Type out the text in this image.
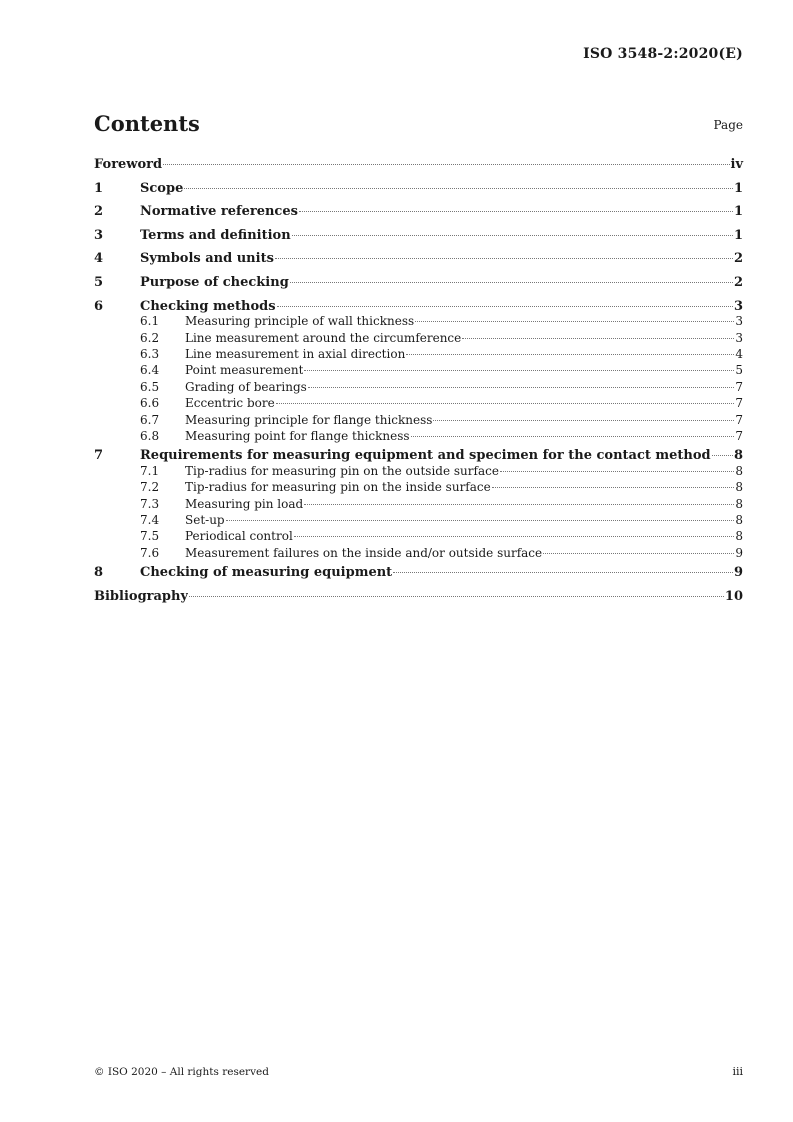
ISO 3548-2:2020(E)
Contents	Page
Foreword	iv
1	Scope	1
2	Normative references	1
3	Terms and definition	1
4	Symbols and units	2
5	Purpose of checking	2
6	Checking methods	3
6.1	Measuring principle of wall thickness	3
6.2	Line measurement around the circumference	3
6.3	Line measurement in axial direction	4
6.4	Point measurement	5
6.5	Grading of bearings	7
6.6	Eccentric bore	7
6.7	Measuring principle for flange thickness	7
6.8	Measuring point for flange thickness	7
7	Requirements for measuring equipment and specimen for the contact method 8
7.1	Tip-radius for measuring pin on the outside surface	8
7.2	Tip-radius for measuring pin on the inside surface	8
7.3	Measuring pin load	8
7.4	Set-up	8
7.5	Periodical control	8
7.6	Measurement failures on the inside and/or outside surface	9
8	Checking of measuring equipment	9
Bibliography	10
© ISO 2020 – All rights reserved	iii
